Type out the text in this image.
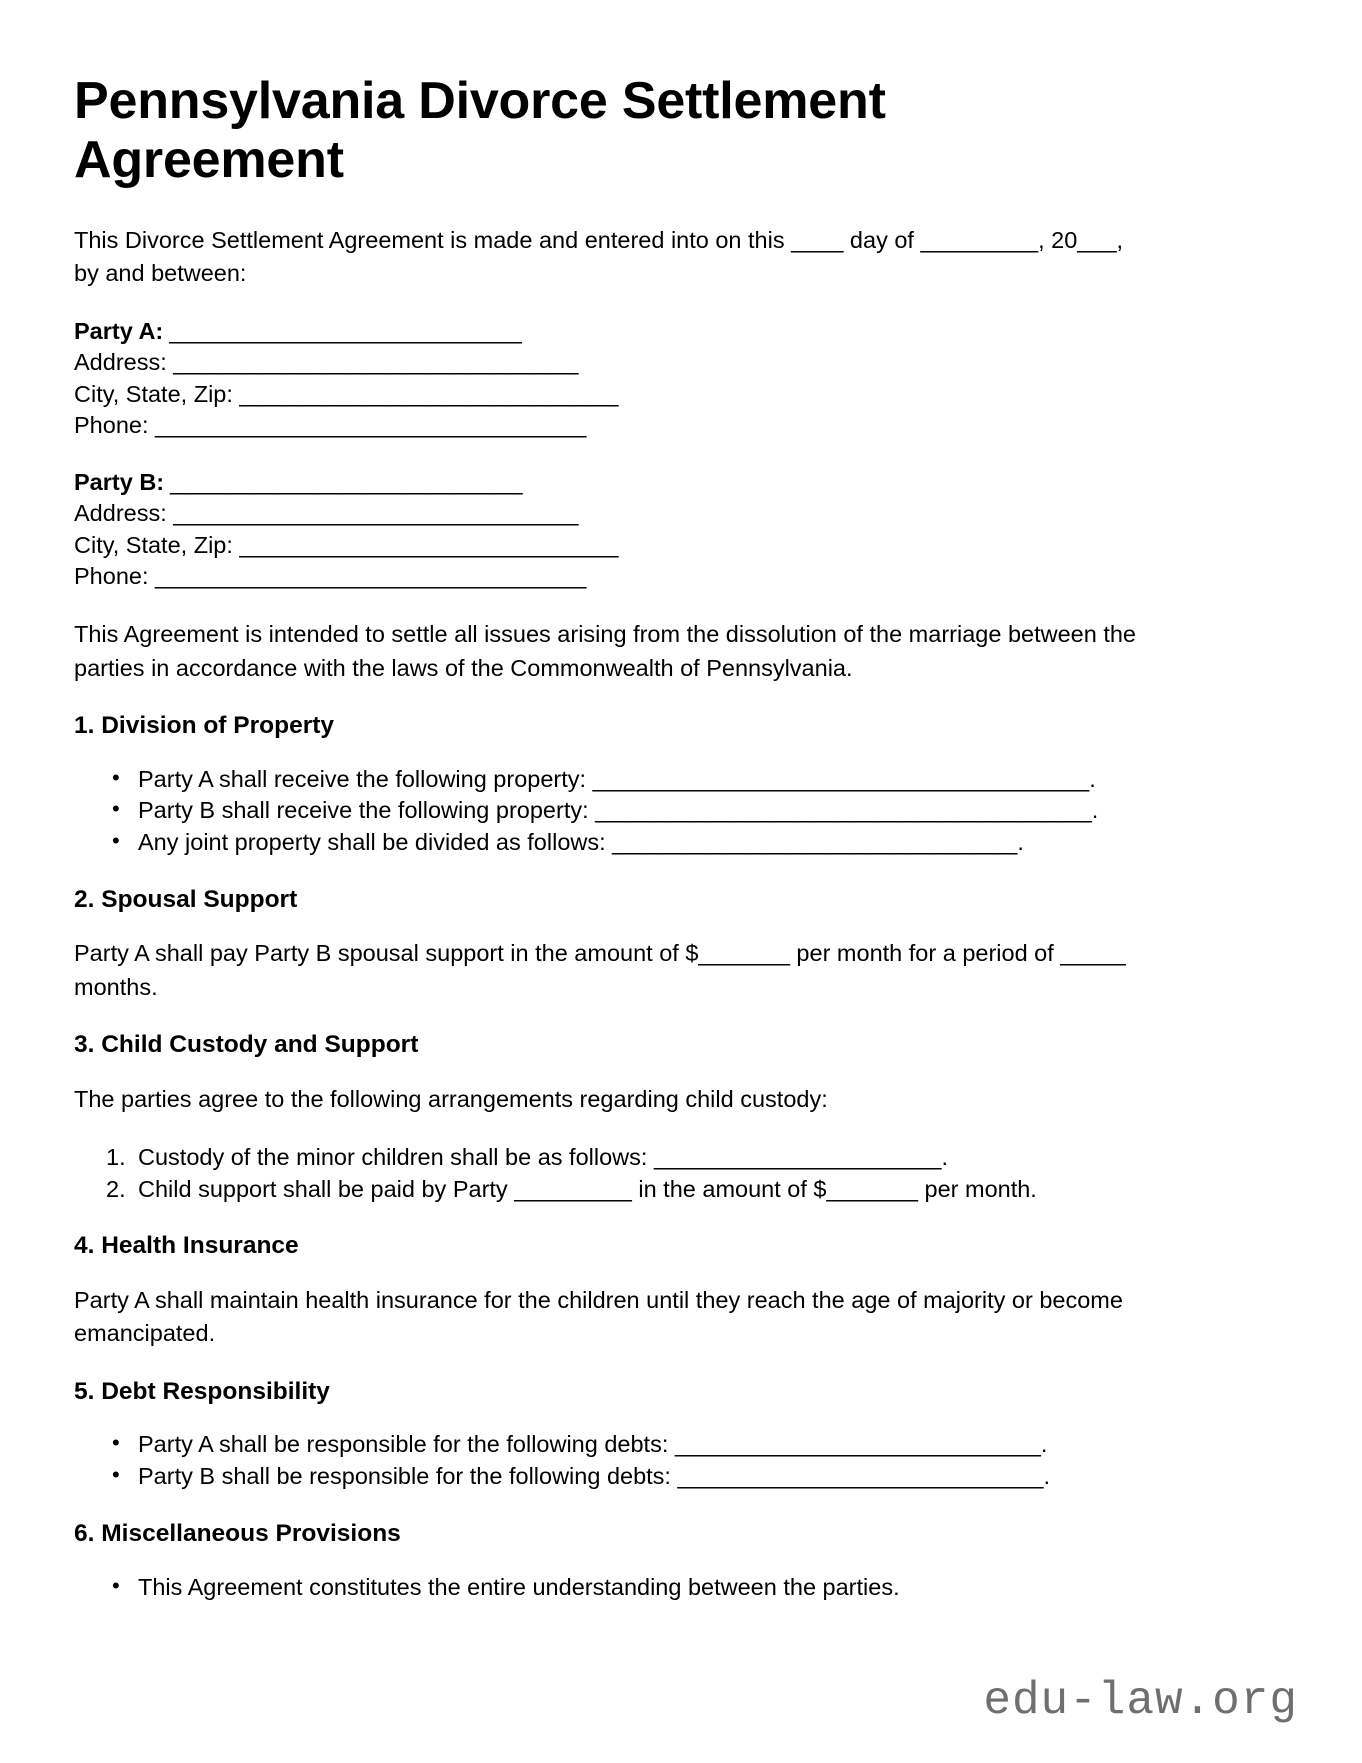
Pennsylvania Divorce Settlement Agreement

This Divorce Settlement Agreement is made and entered into on this ____ day of _________, 20___, by and between:

Party A: ____________________________
Address: _______________________________
City, State, Zip: _____________________________
Phone: _________________________________
Party B: ____________________________
Address: _______________________________
City, State, Zip: _____________________________
Phone: _________________________________

This Agreement is intended to settle all issues arising from the dissolution of the marriage between the parties in accordance with the laws of the Commonwealth of Pennsylvania.

1. Division of Property
• Party A shall receive the following property: ______________________________________.
• Party B shall receive the following property: ______________________________________.
• Any joint property shall be divided as follows: _______________________________.
2. Spousal Support

Party A shall pay Party B spousal support in the amount of $_______ per month for a period of _____ months.

3. Child Custody and Support

The parties agree to the following arrangements regarding child custody:

Custody of the minor children shall be as follows: ______________________.
Child support shall be paid by Party _________ in the amount of $_______ per month.
4. Health Insurance

Party A shall maintain health insurance for the children until they reach the age of majority or become emancipated.

5. Debt Responsibility
• Party A shall be responsible for the following debts: ____________________________.
• Party B shall be responsible for the following debts: ____________________________.
6. Miscellaneous Provisions
• This Agreement constitutes the entire understanding between the parties.
edu-law.org
